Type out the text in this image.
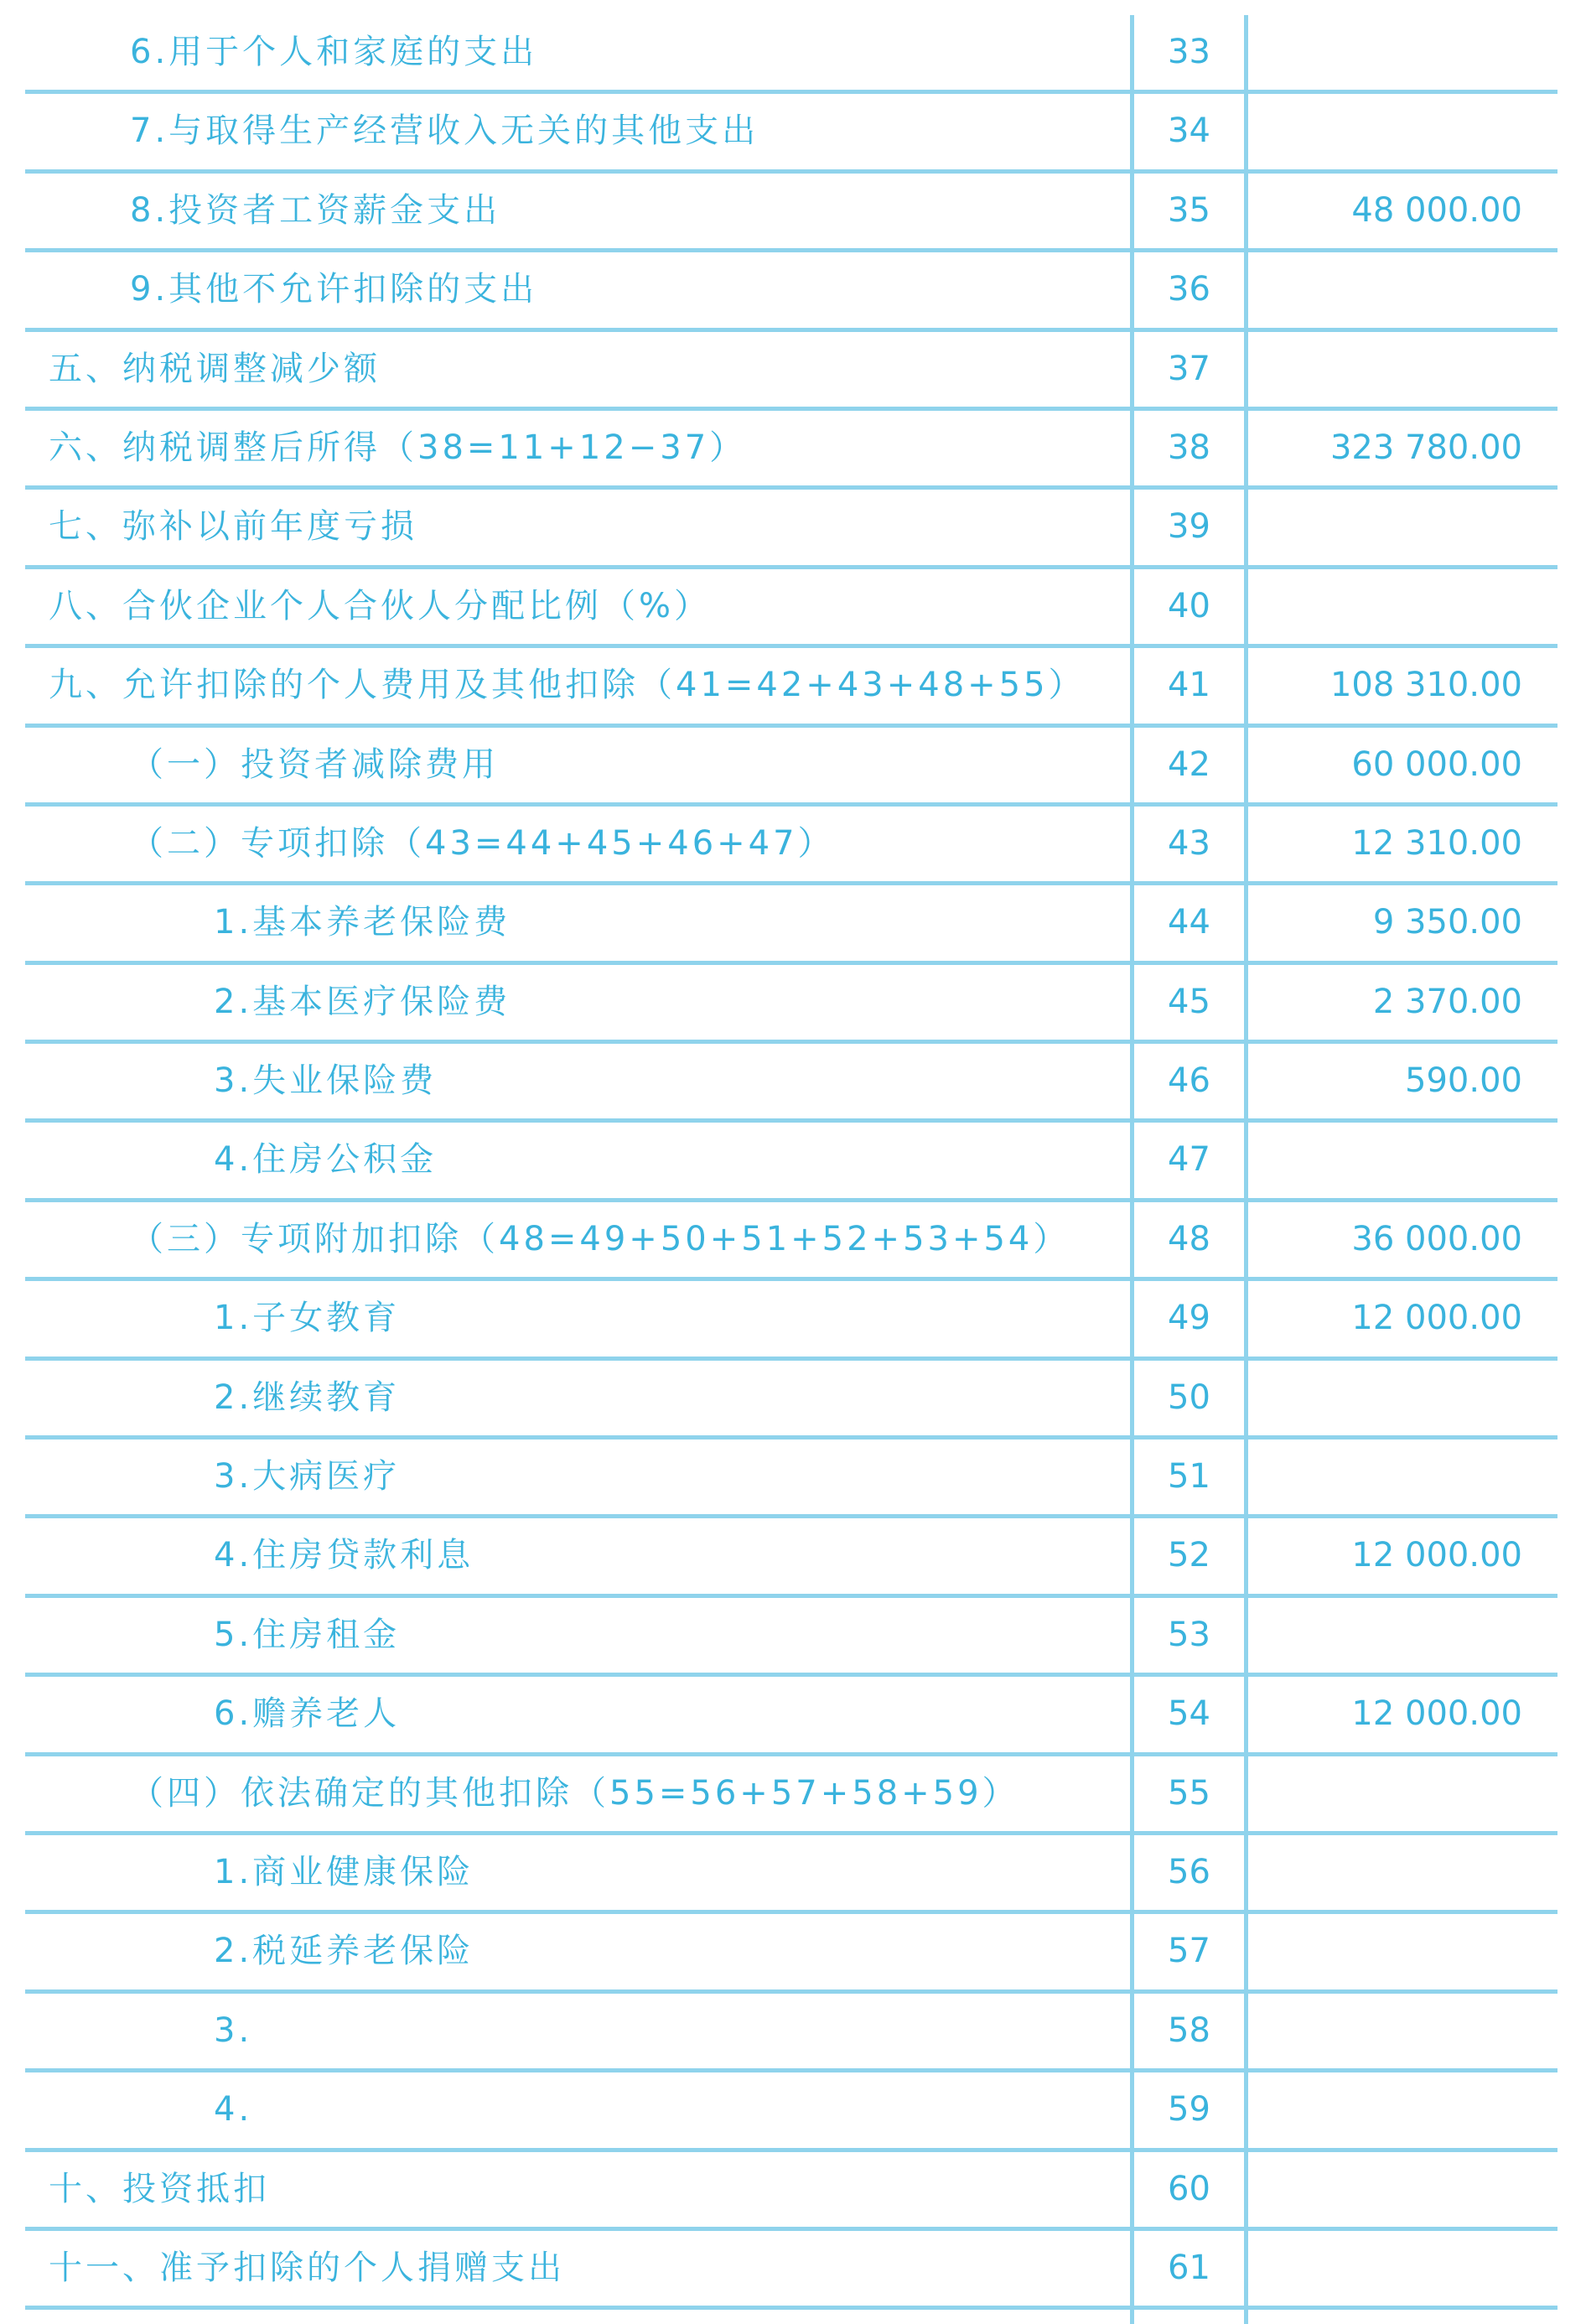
6.用于个人和家庭的支出	33
7.与取得生产经营收入无关的其他支出	34
8.投资者工资薪金支出	35	48 000.00
9.其他不允许扣除的支出	36
五、纳税调整减少额	37
六、纳税调整后所得（38=11+12−37）	38	323 780.00
七、弥补以前年度亏损	39
八、合伙企业个人合伙人分配比例（%）	40
九、允许扣除的个人费用及其他扣除（41=42+43+48+55）	41	108 310.00
（一）投资者减除费用	42	60 000.00
（二）专项扣除（43=44+45+46+47）	43	12 310.00
1.基本养老保险费	44	9 350.00
2.基本医疗保险费	45	2 370.00
3.失业保险费	46	590.00
4.住房公积金	47
（三）专项附加扣除（48=49+50+51+52+53+54）	48	36 000.00
1.子女教育	49	12 000.00
2.继续教育	50
3.大病医疗	51
4.住房贷款利息	52	12 000.00
5.住房租金	53
6.赡养老人	54	12 000.00
（四）依法确定的其他扣除（55=56+57+58+59）	55
1.商业健康保险	56
2.税延养老保险	57
3.	58
4.	59
十、投资抵扣	60
十一、准予扣除的个人捐赠支出	61
